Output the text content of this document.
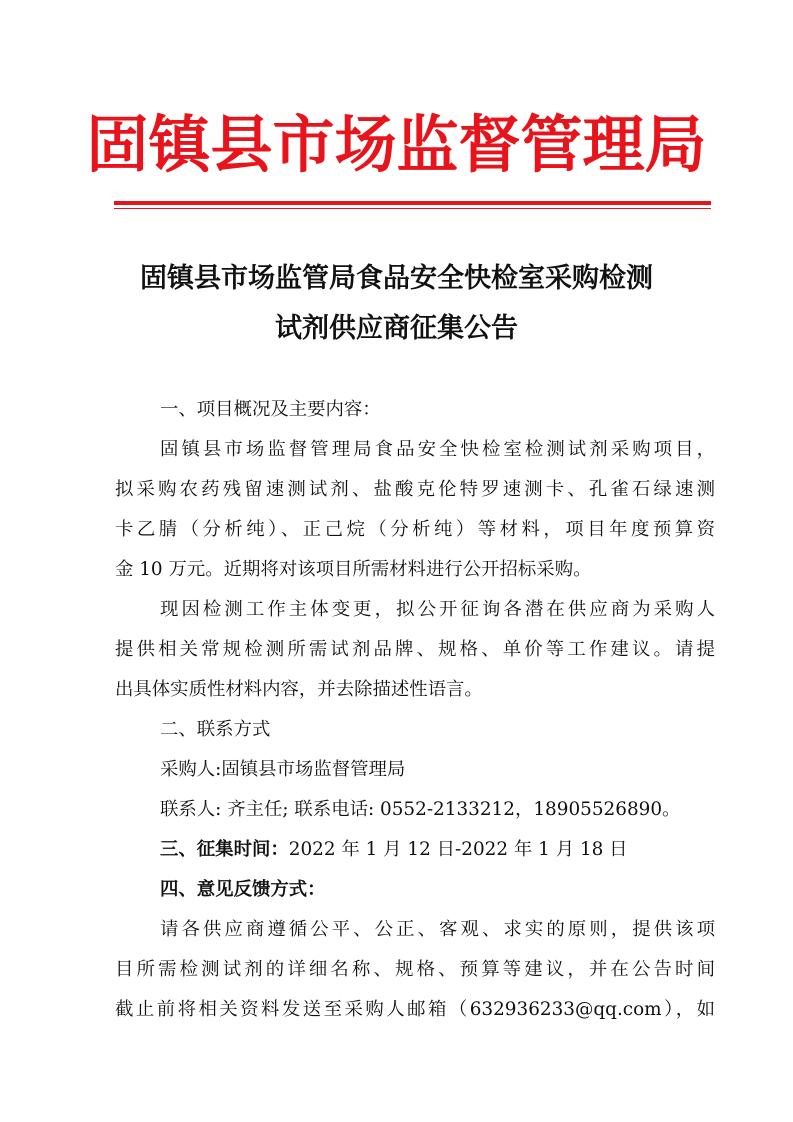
固镇县市场监督管理局
固镇县市场监管局食品安全快检室采购检测
试剂供应商征集公告
一、项目概况及主要内容：
固镇县市场监督管理局食品安全快检室检测试剂采购项目，
拟采购农药残留速测试剂、盐酸克伦特罗速测卡、孔雀石绿速测
卡乙腈（分析纯）、正己烷（分析纯）等材料，项目年度预算资
金 10 万元。近期将对该项目所需材料进行公开招标采购。
现因检测工作主体变更，拟公开征询各潜在供应商为采购人
提供相关常规检测所需试剂品牌、规格、单价等工作建议。请提
出具体实质性材料内容，并去除描述性语言。
二、联系方式
采购人:固镇县市场监督管理局
联系人: 齐主任; 联系电话: 0552-2133212，18905526890。
三、征集时间：2022 年 1 月 12 日-2022 年 1 月 18 日
四、意见反馈方式：
请各供应商遵循公平、公正、客观、求实的原则，提供该项
目所需检测试剂的详细名称、规格、预算等建议，并在公告时间
截止前将相关资料发送至采购人邮箱（632936233@qq.com），如
